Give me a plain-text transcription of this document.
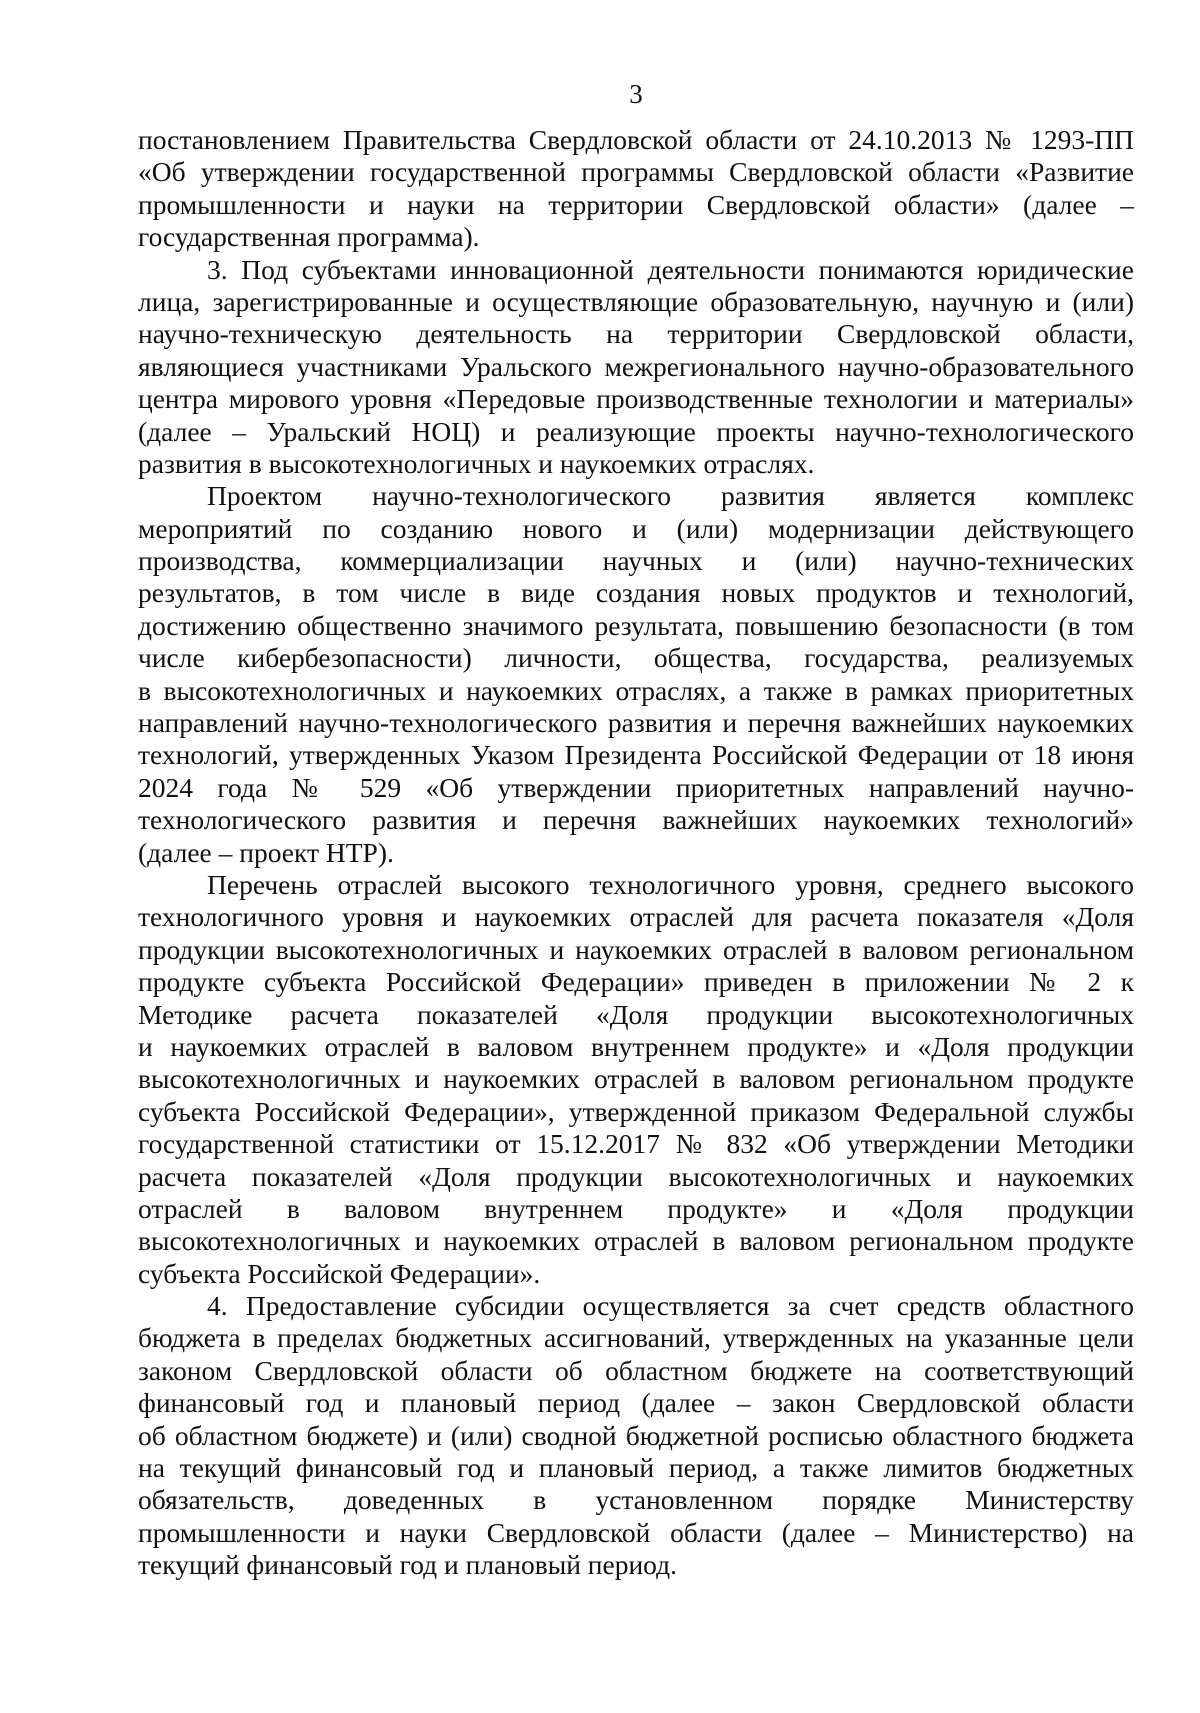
3
постановлением Правительства Свердловской области от 24.10.2013 № 1293-ПП
«Об утверждении государственной программы Свердловской области «Развитие
промышленности и науки на территории Свердловской области» (далее –
государственная программа).
3. Под субъектами инновационной деятельности понимаются юридические
лица, зарегистрированные и осуществляющие образовательную, научную и (или)
научно-техническую деятельность на территории Свердловской области,
являющиеся участниками Уральского межрегионального научно-образовательного
центра мирового уровня «Передовые производственные технологии и материалы»
(далее – Уральский НОЦ) и реализующие проекты научно-технологического
развития в высокотехнологичных и наукоемких отраслях.
Проектом научно-технологического развития является комплекс
мероприятий по созданию нового и (или) модернизации действующего
производства, коммерциализации научных и (или) научно-технических
результатов, в том числе в виде создания новых продуктов и технологий,
достижению общественно значимого результата, повышению безопасности (в том
числе кибербезопасности) личности, общества, государства, реализуемых
в высокотехнологичных и наукоемких отраслях, а также в рамках приоритетных
направлений научно-технологического развития и перечня важнейших наукоемких
технологий, утвержденных Указом Президента Российской Федерации от 18 июня
2024 года № 529 «Об утверждении приоритетных направлений научно-
технологического развития и перечня важнейших наукоемких технологий»
(далее – проект НТР).
Перечень отраслей высокого технологичного уровня, среднего высокого
технологичного уровня и наукоемких отраслей для расчета показателя «Доля
продукции высокотехнологичных и наукоемких отраслей в валовом региональном
продукте субъекта Российской Федерации» приведен в приложении № 2 к
Методике расчета показателей «Доля продукции высокотехнологичных
и наукоемких отраслей в валовом внутреннем продукте» и «Доля продукции
высокотехнологичных и наукоемких отраслей в валовом региональном продукте
субъекта Российской Федерации», утвержденной приказом Федеральной службы
государственной статистики от 15.12.2017 № 832 «Об утверждении Методики
расчета показателей «Доля продукции высокотехнологичных и наукоемких
отраслей в валовом внутреннем продукте» и «Доля продукции
высокотехнологичных и наукоемких отраслей в валовом региональном продукте
субъекта Российской Федерации».
4. Предоставление субсидии осуществляется за счет средств областного
бюджета в пределах бюджетных ассигнований, утвержденных на указанные цели
законом Свердловской области об областном бюджете на соответствующий
финансовый год и плановый период (далее – закон Свердловской области
об областном бюджете) и (или) сводной бюджетной росписью областного бюджета
на текущий финансовый год и плановый период, а также лимитов бюджетных
обязательств, доведенных в установленном порядке Министерству
промышленности и науки Свердловской области (далее – Министерство) на
текущий финансовый год и плановый период.
